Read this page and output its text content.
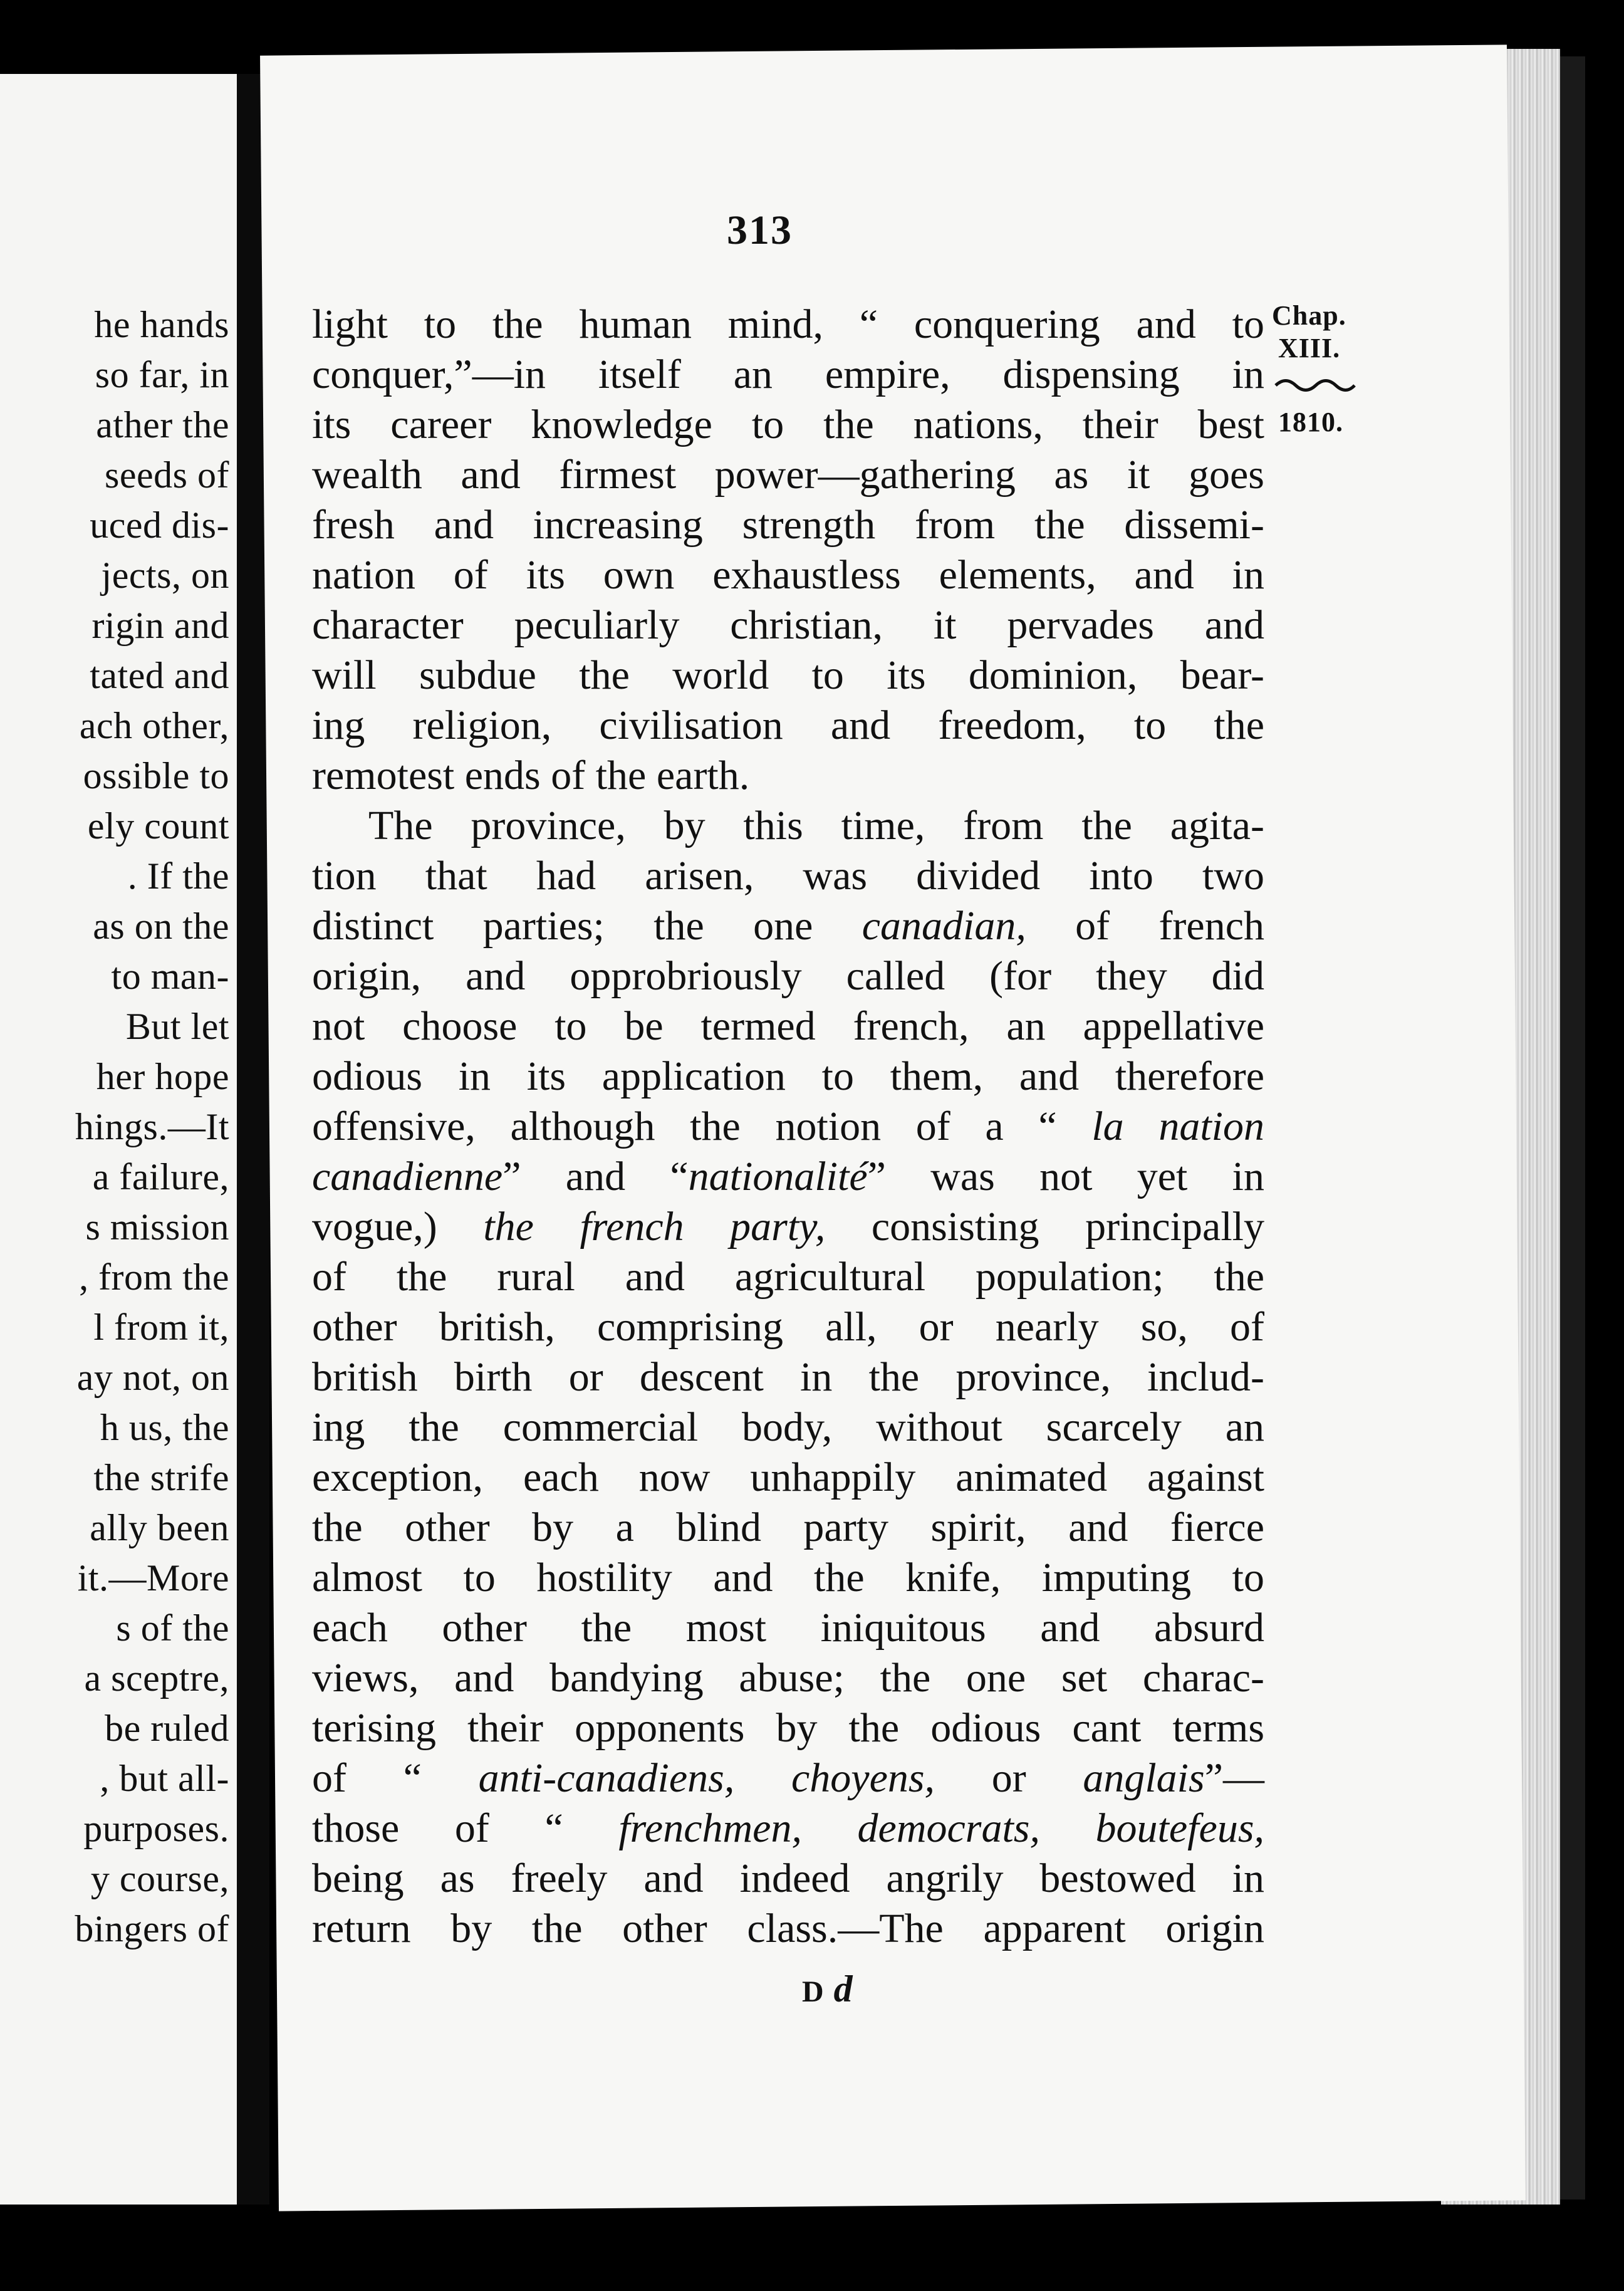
he hands
so far, in
ather the
seeds of
uced dis-
jects, on
rigin and
tated and
ach other,
ossible to
ely count
. If the
as on the
to man-
But let
her hope
hings.—It
a failure,
s mission
, from the
l from it,
ay not, on
h us, the
the strife
ally been
it.—More
s of the
a sceptre,
be ruled
, but all-
purposes.
y course,
bingers of
313
Chap.
XIII.
1810.
light to the human mind, “ conquering and to
conquer,”—in itself an empire, dispensing in
its career knowledge to the nations, their best
wealth and firmest power—gathering as it goes
fresh and increasing strength from the dissemi-
nation of its own exhaustless elements, and in
character peculiarly christian, it pervades and
will subdue the world to its dominion, bear-
ing religion, civilisation and freedom, to the
remotest ends of the earth.
The province, by this time, from the agita-
tion that had arisen, was divided into two
distinct parties; the one canadian, of french
origin, and opprobriously called (for they did
not choose to be termed french, an appellative
odious in its application to them, and therefore
offensive, although the notion of a “ la nation
canadienne” and “nationalité” was not yet in
vogue,) the french party, consisting principally
of the rural and agricultural population; the
other british, comprising all, or nearly so, of
british birth or descent in the province, includ-
ing the commercial body, without scarcely an
exception, each now unhappily animated against
the other by a blind party spirit, and fierce
almost to hostility and the knife, imputing to
each other the most iniquitous and absurd
views, and bandying abuse; the one set charac-
terising their opponents by the odious cant terms
of “ anti-canadiens, choyens, or anglais”—
those of “ frenchmen, democrats, boutefeus,
being as freely and indeed angrily bestowed in
return by the other class.—The apparent origin
D d
